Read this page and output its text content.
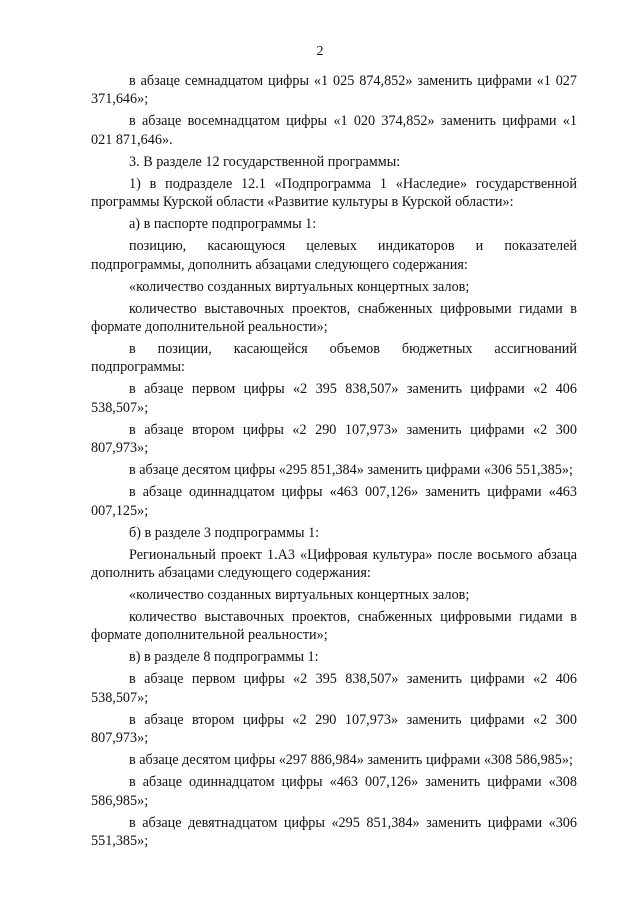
2

в абзаце семнадцатом цифры «1 025 874,852» заменить цифрами «1 027 371,646»;

в абзаце восемнадцатом цифры «1 020 374,852» заменить цифрами «1 021 871,646».

3. В разделе 12 государственной программы:

1) в подразделе 12.1 «Подпрограмма 1 «Наследие» государственной программы Курской области «Развитие культуры в Курской области»:

а) в паспорте подпрограммы 1:

позицию, касающуюся целевых индикаторов и показателей подпрограммы, дополнить абзацами следующего содержания:

«количество созданных виртуальных концертных залов;

количество выставочных проектов, снабженных цифровыми гидами в формате дополнительной реальности»;

в позиции, касающейся объемов бюджетных ассигнований подпрограммы:

в абзаце первом цифры «2 395 838,507» заменить цифрами «2 406 538,507»;

в абзаце втором цифры «2 290 107,973» заменить цифрами «2 300 807,973»;

в абзаце десятом цифры «295 851,384» заменить цифрами «306 551,385»;

в абзаце одиннадцатом цифры «463 007,126» заменить цифрами «463 007,125»;

б) в разделе 3 подпрограммы 1:

Региональный проект 1.А3 «Цифровая культура» после восьмого абзаца дополнить абзацами следующего содержания:

«количество созданных виртуальных концертных залов;

количество выставочных проектов, снабженных цифровыми гидами в формате дополнительной реальности»;

в) в разделе 8 подпрограммы 1:

в абзаце первом цифры «2 395 838,507» заменить цифрами «2 406 538,507»;

в абзаце втором цифры «2 290 107,973» заменить цифрами «2 300 807,973»;

в абзаце десятом цифры «297 886,984» заменить цифрами «308 586,985»;

в абзаце одиннадцатом цифры «463 007,126» заменить цифрами «308 586,985»;

в абзаце девятнадцатом цифры «295 851,384» заменить цифрами «306 551,385»;
